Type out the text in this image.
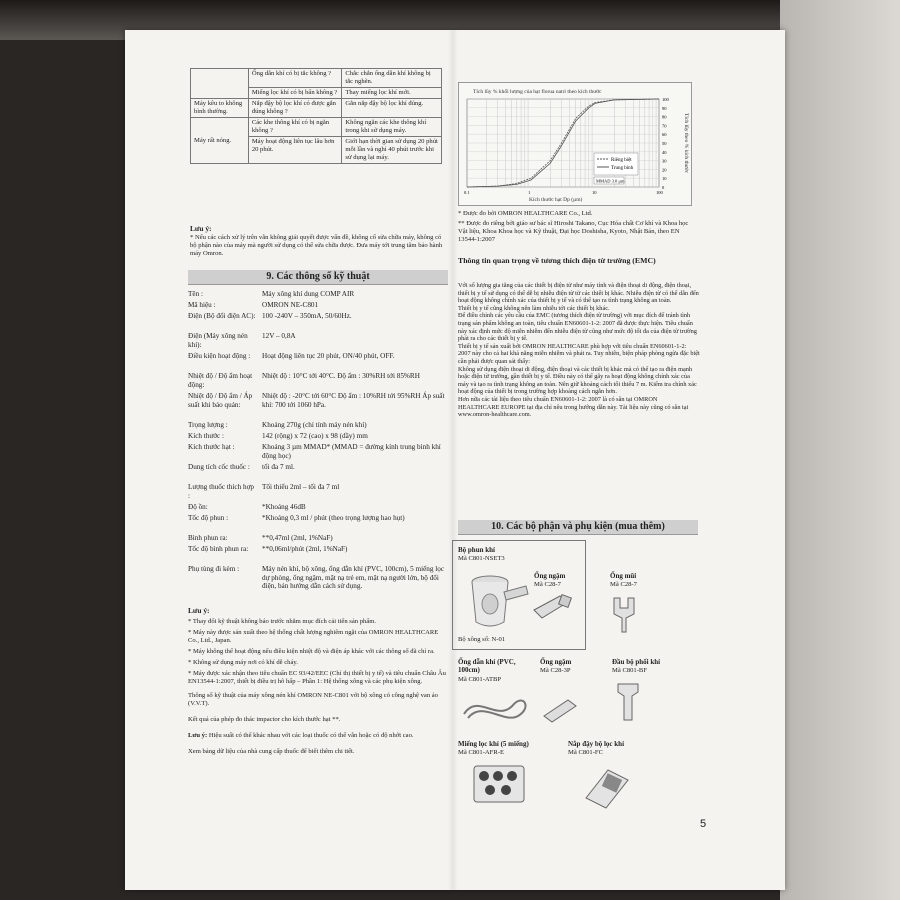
	Ống dẫn khí có bị tắc không ?	Chắc chắn ống dẫn khí không bị tắc nghẽn.
	Miếng lọc khí có bị bẩn không ?	Thay miếng lọc khí mới.
Máy kêu to không bình thường.	Nắp đậy bộ lọc khí có được gắn đúng không ?	Gắn nắp đậy bộ lọc khí đúng.
Máy rất nóng.	Các khe thông khí có bị ngăn không ?	Không ngăn các khe thông khí trong khi sử dụng máy.
	Máy hoạt động liên tục lâu hơn 20 phút.	Giới hạn thời gian sử dụng 20 phút mỗi lần và nghỉ 40 phút trước khi sử dụng lại máy.
Lưu ý:
* Nếu các cách xử lý trên vẫn không giải quyết được vấn đề, không cố sửa chữa máy, không có bộ phận nào của máy mà người sử dụng có thể sửa chữa được. Đưa máy tới trung tâm bảo hành máy Omron.
9. Các thông số kỹ thuật
Tên :	Máy xông khí dung COMP AIR
Mã hiệu :	OMRON NE-C801
Điện (Bộ đổi điện AC): 100 -240V – 350mA, 50/60Hz.
Điện (Máy xông nén khí):
12V – 0,8A
Điều kiện hoạt động :	Hoạt động liên tục 20 phút, ON/40 phút, OFF.
Nhiệt độ / Độ ẩm hoạt động:
Nhiệt độ : 10°C tới 40°C. Độ ẩm : 30%RH tới 85%RH
Nhiệt độ / Độ ẩm / Áp suất khi bảo quản:
Nhiệt độ : -20°C tới 60°C Độ ẩm : 10%RH tới 95%RH Áp suất khí: 700 tới 1060 hPa.
Trọng lượng :	Khoảng 270g (chỉ tính máy nén khí)
Kích thước :	142 (rộng) x 72 (cao) x 98 (dầy) mm
Kích thước hạt :	Khoảng 3 µm MMAD* (MMAD = đường kính trung bình khí động học)
Dung tích cốc thuốc :	tối đa 7 ml.
Lượng thuốc thích hợp :
Tối thiểu 2ml – tối đa 7 ml
Độ ồn:	*Khoảng 46dB
Tốc độ phun :	*Khoảng 0,3 ml / phút (theo trọng lượng hao hụt)
Bình phun ra:	**0,47ml (2ml, 1%NaF)
Tốc độ bình phun ra:	**0,06ml/phút (2ml, 1%NaF)
Phụ tùng đi kèm :	Máy nén khí, bộ xông, ống dẫn khí (PVC, 100cm), 5 miếng lọc dự phòng, ống ngậm, mặt nạ trẻ em, mặt nạ người lớn, bộ đổi điện, bản hướng dẫn cách sử dụng.
Lưu ý:
* Thay đổi kỹ thuật không báo trước nhằm mục đích cải tiến sản phẩm.
* Máy này được sản xuất theo hệ thống chất lượng nghiêm ngặt của OMRON HEALTHCARE Co., Ltd., Japan.
* Máy không thể hoạt động nếu điều kiện nhiệt độ và điện áp khác với các thông số đã chỉ ra.
* Không sử dụng máy nơi có khí dễ cháy.
* Máy được xác nhận theo tiêu chuẩn EC 93/42/EEC (Chỉ thị thiết bị y tế) và tiêu chuẩn Châu Âu EN13544-1:2007, thiết bị điều trị hô hấp – Phần 1: Hệ thống xông và các phụ kiện xông.
Thông số kỹ thuật của máy xông nén khí OMRON NE-C801 với bộ xông có công nghệ van ảo (V.V.T).
Kết quả của phép đo thác impactor cho kích thước hạt **.
Lưu ý: Hiệu suất có thể khác nhau với các loại thuốc có thể vẫn hoặc có độ nhớt cao.
Xem bảng dữ liệu của nhà cung cấp thuốc để biết thêm chi tiết.
Tích lũy % khối lượng của hạt florua natri theo kích thước
100
90
80
70
60
50
40
30
20
10
0
0.1	1	10	100
Kích thước hạt Dp (µm)
Tích lũy theo % kích thước
Riêng biệt
Trung bình
MMAD 3.0 µm
* Được đo bởi OMRON HEALTHCARE Co., Ltd.
** Được đo riêng bởi giáo sư bác sĩ Hiroshi Takano, Cục Hóa chất Cơ khí và Khoa học Vật liệu, Khoa Khoa học và Kỹ thuật, Đại học Doshisha, Kyoto, Nhật Bản, theo EN 13544-1:2007
Thông tin quan trọng về tương thích điện từ trường (EMC)
Với số lượng gia tăng của các thiết bị điện tử như máy tính và điện thoại di động, điện thoại, thiết bị y tế sử dụng có thể dễ bị nhiễu điện từ từ các thiết bị khác. Nhiễu điện từ có thể dẫn đến hoạt động không chính xác của thiết bị y tế và có thể tạo ra tình trạng không an toàn.
Thiết bị y tế cũng không nên làm nhiễu tới các thiết bị khác.
Để điều chỉnh các yêu cầu của EMC (tương thích điện từ trường) với mục đích để tránh tình trạng sản phẩm không an toàn, tiêu chuẩn EN60601-1-2: 2007 đã được thực hiện. Tiêu chuẩn này xác định mức độ miễn nhiễm đến nhiễu điện từ cũng như mức độ tối đa của điện từ trường phát ra cho các thiết bị y tế.
Thiết bị y tế sản xuất bởi OMRON HEALTHCARE phù hợp với tiêu chuẩn EN60601-1-2: 2007 này cho cả hai khả năng miễn nhiễm và phát ra. Tuy nhiên, biện pháp phòng ngừa đặc biệt cần phải được quan sát thấy:
Không sử dụng điện thoại di động, điện thoại và các thiết bị khác mà có thể tạo ra điện mạnh hoặc điện từ trường, gần thiết bị y tế. Điều này có thể gây ra hoạt động không chính xác của máy và tạo ra tình trạng không an toàn. Nên giữ khoảng cách tối thiểu 7 m. Kiểm tra chính xác hoạt động của thiết bị trong trường hợp khoảng cách ngắn hơn.
Hơn nữa các tài liệu theo tiêu chuẩn EN60601-1-2: 2007 là có sẵn tại OMRON HEALTHCARE EUROPE tại địa chỉ nêu trong hướng dẫn này. Tài liệu này cũng có sẵn tại www.omron-healthcare.com.
10. Các bộ phận và phụ kiện (mua thêm)
Bộ phun khí
Mã C801-NSET3
Bộ xông số: N-01
Ống ngậm
Mã C28-7
Ống mũi
Mã C28-7
Ống dẫn khí (PVC, 100cm)
Mã C801-ATBP
Ống ngậm
Mã C28-3P
Đầu bộ phối khí
Mã C801-BF
Miếng lọc khí (5 miếng)
Mã C801-AFR-E
Nắp đậy bộ lọc khí
Mã C801-FC
5
